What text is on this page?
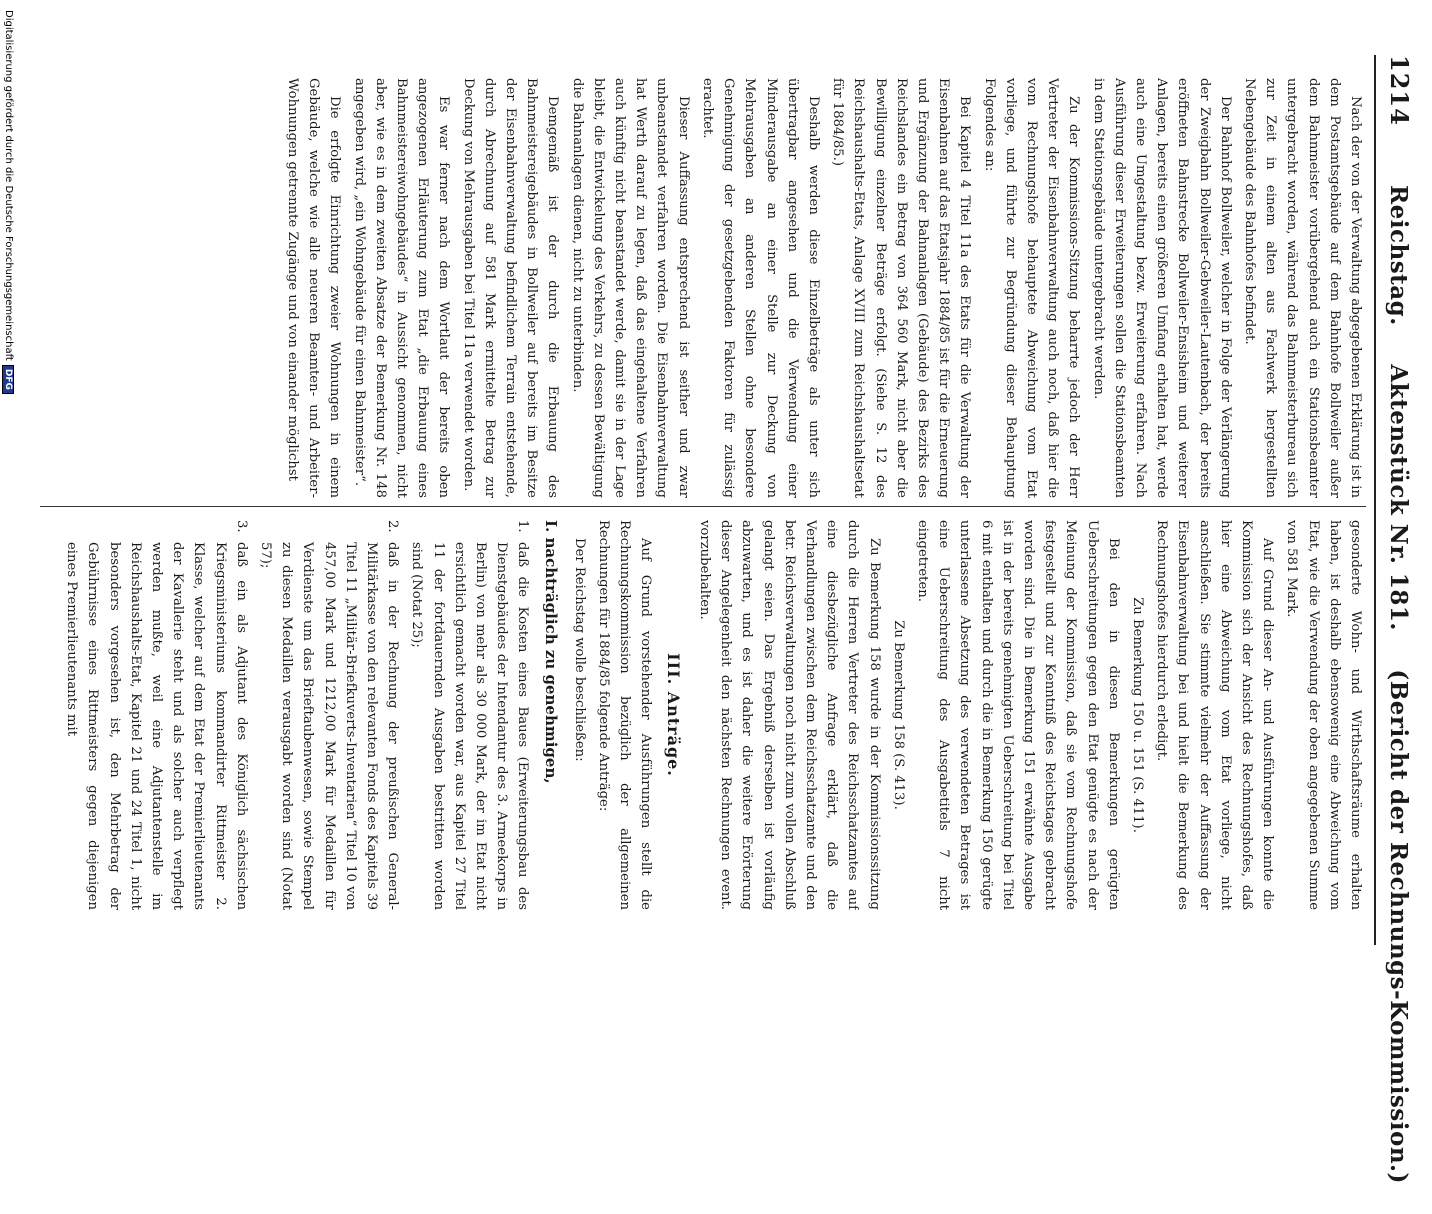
1214
Reichstag. Aktenstück Nr. 181. (Bericht der Rechnungs-Kommission.)

Nach der von der Verwaltung abgegebenen Erklärung ist in dem Postamtsgebäude auf dem Bahnhofe Bollweiler außer dem Bahnmeister vorübergehend auch ein Stationsbeamter untergebracht worden, während das Bahnmeisterbureau sich zur Zeit in einem alten aus Fachwerk hergestellten Nebengebäude des Bahnhofes befindet.

Der Bahnhof Bollweiler, welcher in Folge der Verlängerung der Zweigbahn Bollweiler-Gebweiler-Lautenbach, der bereits eröffneten Bahnstrecke Bollweiler-Ensisheim und weiterer Anlagen, bereits einen größeren Umfang erhalten hat, werde auch eine Umgestaltung bezw. Erweiterung erfahren. Nach Ausführung dieser Erweiterungen sollen die Stationsbeamten in dem Stationsgebäude untergebracht werden.

Zu der Kommissions-Sitzung beharrte jedoch der Herr Vertreter der Eisenbahnverwaltung auch noch, daß hier die vom Rechnungshofe behauptete Abweichung vom Etat vorliege, und führte zur Begründung dieser Behauptung Folgendes an:

Bei Kapitel 4 Titel 11a des Etats für die Verwaltung der Eisenbahnen auf das Etatsjahr 1884/85 ist für die Erneuerung und Ergänzung der Bahnanlagen (Gebäude) des Bezirks des Reichslandes ein Betrag von 364 560 Mark, nicht aber die Bewilligung einzelner Beträge erfolgt. (Siehe S. 12 des Reichshaushalts-Etats, Anlage XVIII zum Reichshaushaltsetat für 1884/85.)

Deshalb werden diese Einzelbeträge als unter sich übertragbar angesehen und die Verwendung einer Minderausgabe an einer Stelle zur Deckung von Mehrausgaben an anderen Stellen ohne besondere Genehmigung der gesetzgebenden Faktoren für zulässig erachtet.

Dieser Auffassung entsprechend ist seither und zwar unbeanstandet verfahren worden. Die Eisenbahnverwaltung hat Werth darauf zu legen, daß das eingehaltene Verfahren auch künftig nicht beanstandet werde, damit sie in der Lage bleibt, die Entwickelung des Verkehrs, zu dessen Bewältigung die Bahnanlagen dienen, nicht zu unterbinden.

Demgemäß ist der durch die Erbauung des Bahnmeistereigebäudes in Bollweiler auf bereits im Besitze der Eisenbahnverwaltung befindlichem Terrain entstehende, durch Abrechnung auf 581 Mark ermittelte Betrag zur Deckung von Mehrausgaben bei Titel 11a verwendet worden.

Es war ferner nach dem Wortlaut der bereits oben angezogenen Erläuterung zum Etat „die Erbauung eines Bahnmeistereiwohngebäudes“ in Aussicht genommen, nicht aber, wie es in dem zweiten Absatze der Bemerkung Nr. 148 angegeben wird, „ein Wohngebäude für einen Bahnmeister“.

Die erfolgte Einrichtung zweier Wohnungen in einem Gebäude, welche wie alle neueren Beamten- und Arbeiter-Wohnungen getrennte Zugänge und von einander möglichst

gesonderte Wohn- und Wirthschaftsräume erhalten haben, ist deshalb ebensowenig eine Abweichung vom Etat, wie die Verwendung der oben angegebenen Summe von 581 Mark.

Auf Grund dieser An- und Ausführungen konnte die Kommission sich der Ansicht des Rechnungshofes, daß hier eine Abweichung vom Etat vorliege, nicht anschließen. Sie stimmte vielmehr der Auffassung der Eisenbahnverwaltung bei und hielt die Bemerkung des Rechnungshofes hierdurch erledigt.

Zu Bemerkung 150 u. 151 (S. 411).

Bei den in diesen Bemerkungen gerügten Ueberschreitungen gegen den Etat genügte es nach der Meinung der Kommission, daß sie vom Rechnungshofe festgestellt und zur Kenntniß des Reichstages gebracht worden sind. Die in Bemerkung 151 erwähnte Ausgabe ist in der bereits genehmigten Ueberschreitung bei Titel 6 mit enthalten und durch die in Bemerkung 150 gerügte unterlassene Absetzung des verwendeten Betrages ist eine Ueberschreitung des Ausgabetitels 7 nicht eingetreten.

Zu Bemerkung 158 (S. 413).

Zu Bemerkung 158 wurde in der Kommissionssitzung durch die Herren Vertreter des Reichsschatzamtes auf eine diesbezügliche Anfrage erklärt, daß die Verhandlungen zwischen dem Reichsschatzamte und den betr. Reichsverwaltungen noch nicht zum vollen Abschluß gelangt seien. Das Ergebniß derselben ist vorläufig abzuwarten, und es ist daher die weitere Erörterung dieser Angelegenheit den nächsten Rechnungen event. vorzubehalten.

III. Anträge.

Auf Grund vorstehender Ausführungen stellt die Rechnungskommission bezüglich der allgemeinen Rechnungen für 1884/85 folgende Anträge:

Der Reichstag wolle beschließen:

I. nachträglich zu genehmigen,

1.
daß die Kosten eines Baues (Erweiterungsbau des Dienstgebäudes der Intendantur des 3. Armeekorps in Berlin) von mehr als 30 000 Mark, der im Etat nicht ersichtlich gemacht worden war, aus Kapitel 27 Titel 11 der fortdauernden Ausgaben bestritten worden sind (Notat 25);

2.
daß in der Rechnung der preußischen General-Militärkasse von den relevanten Fonds des Kapitels 39 Titel 11 „Militär-Briefkuverts-Inventarien“ Titel 10 von 457,00 Mark und 1212,00 Mark für Medaillen für Verdienste um das Brieftaubenwesen, sowie Stempel zu diesen Medaillen verausgabt worden sind (Notat 57);

3.
daß ein als Adjutant des Königlich sächsischen Kriegsministeriums kommandirter Rittmeister 2. Klasse, welcher auf dem Etat der Premierlieutenants der Kavallerie steht und als solcher auch verpflegt werden mußte, weil eine Adjutantenstelle im Reichshaushalts-Etat, Kapitel 21 und 24 Titel 1, nicht besonders vorgesehen ist, den Mehrbetrag der Gebührnisse eines Rittmeisters gegen diejenigen eines Premierlieutenants mit

Digitalisierung gefördert durch die Deutsche ForschungsgemeinschaftDFG
